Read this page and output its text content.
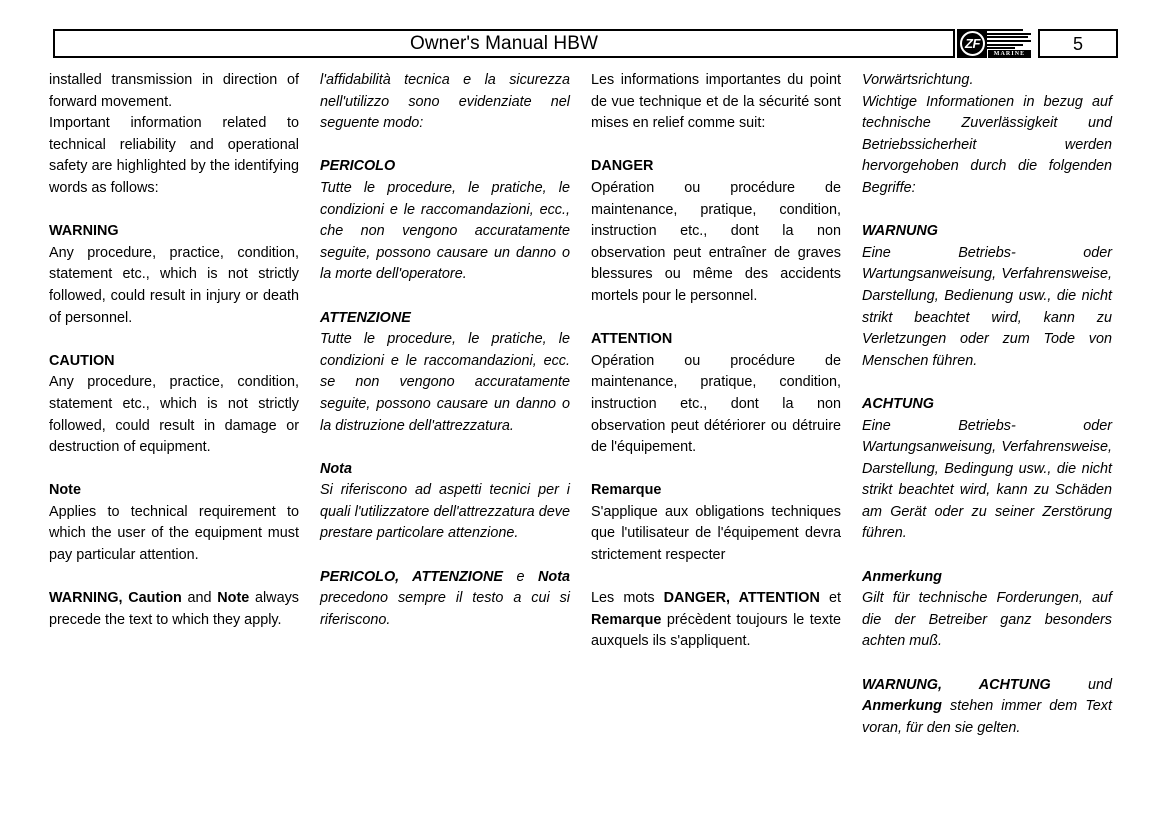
Owner's Manual HBW	ZF
MARINE
5

installed transmission in direction of forward movement.

Important information related to technical reliability and operational safety are highlighted by the identifying words as follows:

WARNING

Any procedure, practice, condition, statement etc., which is not strictly followed, could result in injury or death of personnel.

CAUTION

Any procedure, practice, condition, statement etc., which is not strictly followed, could result in damage or destruction of equipment.

Note

Applies to technical requirement to which the user of the equipment must pay particular attention.

WARNING, Caution and Note always precede the text to which they apply.

l'affidabilità tecnica e la sicurezza nell'utilizzo sono evidenziate nel seguente modo:

PERICOLO

Tutte le procedure, le pratiche, le condizioni e le raccomandazioni, ecc., che non vengono accuratamente seguite, possono causare un danno o la morte dell'operatore.

ATTENZIONE

Tutte le procedure, le pratiche, le condizioni e le raccomandazioni, ecc. se non vengono accuratamente seguite, possono causare un danno o la distruzione dell'attrezzatura.

Nota

Si riferiscono ad aspetti tecnici per i quali l'utilizzatore dell'attrezzatura deve prestare particolare attenzione.

PERICOLO, ATTENZIONE e Nota precedono sempre il testo a cui si riferiscono.

Les informations importantes du point de vue technique et de la sécurité sont mises en relief comme suit:

DANGER

Opération ou procédure de maintenance, pratique, condition, instruction etc., dont la non observation peut entraîner de graves blessures ou même des accidents mortels pour le personnel.

ATTENTION

Opération ou procédure de maintenance, pratique, condition, instruction etc., dont la non observation peut détériorer ou détruire de l'équipement.

Remarque

S'applique aux obligations techniques que l'utilisateur de l'équipement devra strictement respecter

Les mots DANGER, ATTENTION et Remarque précèdent toujours le texte auxquels ils s'appliquent.

Vorwärtsrichtung.

Wichtige Informationen in bezug auf technische Zuverlässigkeit und Betriebssicherheit werden hervorgehoben durch die folgenden Begriffe:

WARNUNG

Eine Betriebs- oder Wartungsanweisung, Verfahrensweise, Darstellung, Bedienung usw., die nicht strikt beachtet wird, kann zu Verletzungen oder zum Tode von Menschen führen.

ACHTUNG

Eine Betriebs- oder Wartungsanweisung, Verfahrensweise, Darstellung, Bedingung usw., die nicht strikt beachtet wird, kann zu Schäden am Gerät oder zu seiner Zerstörung führen.

Anmerkung

Gilt für technische Forderungen, auf die der Betreiber ganz besonders achten muß.

WARNUNG, ACHTUNG und Anmerkung stehen immer dem Text voran, für den sie gelten.
